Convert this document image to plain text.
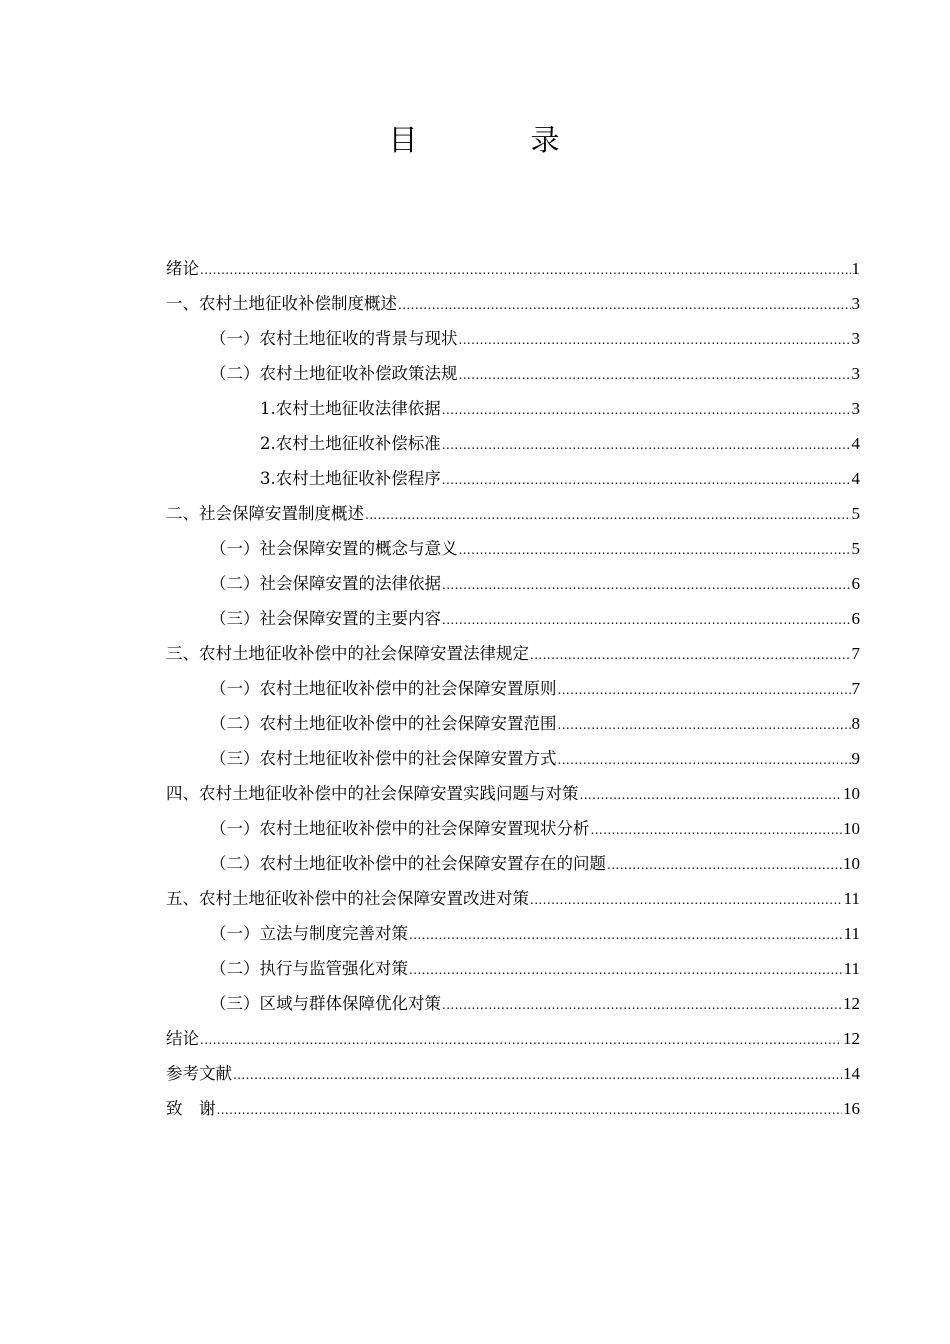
目　录
绪论 .....	1
一、农村土地征收补偿制度概述 .....	3
（一）农村土地征收的背景与现状 .....	3
（二）农村土地征收补偿政策法规 .....	3
1.农村土地征收法律依据 .....	3
2.农村土地征收补偿标准 .....	4
3.农村土地征收补偿程序 .....	4
二、社会保障安置制度概述 .....	5
（一）社会保障安置的概念与意义 .....	5
（二）社会保障安置的法律依据 .....	6
（三）社会保障安置的主要内容 .....	6
三、农村土地征收补偿中的社会保障安置法律规定 .....	7
（一）农村土地征收补偿中的社会保障安置原则 .....	7
（二）农村土地征收补偿中的社会保障安置范围 .....	8
（三）农村土地征收补偿中的社会保障安置方式 .....	9
四、农村土地征收补偿中的社会保障安置实践问题与对策 .....	10
（一）农村土地征收补偿中的社会保障安置现状分析 .....	10
（二）农村土地征收补偿中的社会保障安置存在的问题 .....	10
五、农村土地征收补偿中的社会保障安置改进对策 .....	11
（一）立法与制度完善对策 .....	11
（二）执行与监管强化对策 .....	11
（三）区域与群体保障优化对策 .....	12
结论 .....	12
参考文献 .....	14
致　谢 .....	16
